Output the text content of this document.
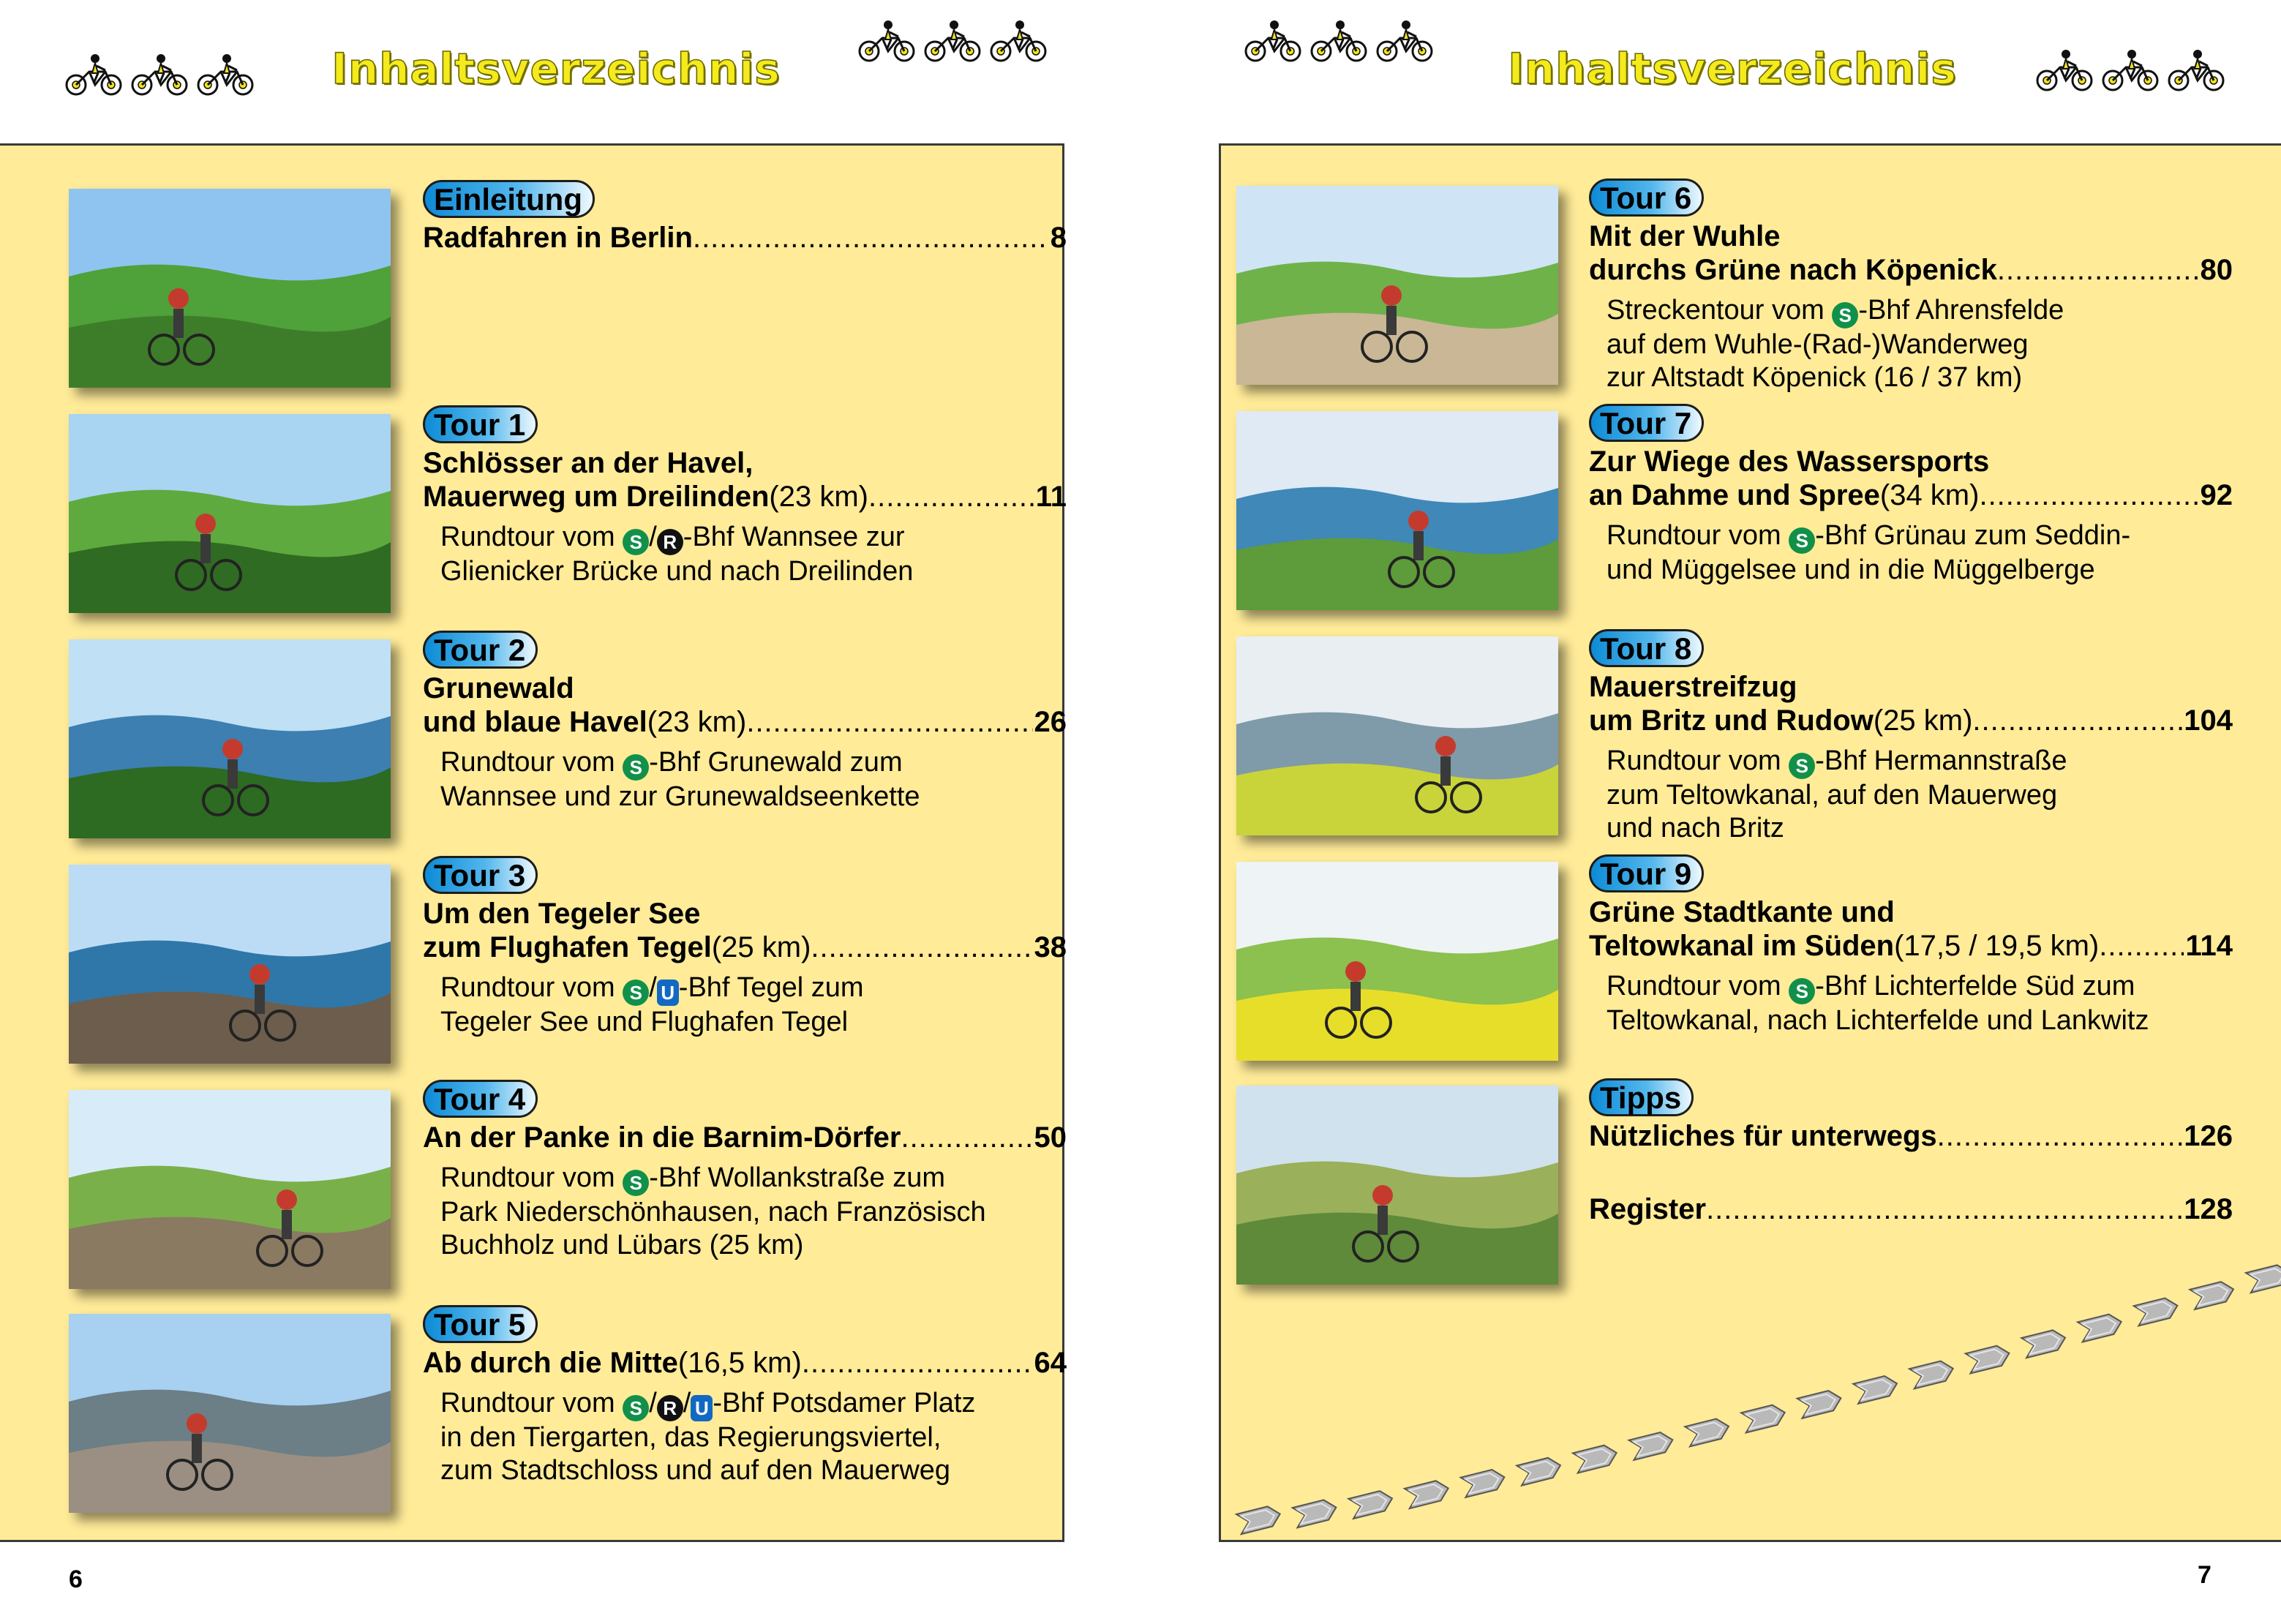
Inhaltsverzeichnis	Inhaltsverzeichnis
Einleitung

Radfahren in Berlin .....	8
Tour 1

Schlösser an der Havel,
Mauerweg um Dreilinden (23 km) .....	11
Rundtour vom S / R -Bhf Wannsee zur
Glienicker Brücke und nach Dreilinden
Tour 2

Grunewald
und blaue Havel (23 km) .....	26
Rundtour vom S -Bhf Grunewald zum
Wannsee und zur Grunewaldseenkette
Tour 3

Um den Tegeler See
zum Flughafen Tegel (25 km) .....	38
Rundtour vom S / U -Bhf Tegel zum
Tegeler See und Flughafen Tegel
Tour 4

An der Panke in die Barnim-Dörfer .....	50
Rundtour vom S -Bhf Wollankstraße zum
Park Niederschönhausen, nach Französisch
Buchholz und Lübars (25 km)
Tour 5

Ab durch die Mitte (16,5 km) .....	64
Rundtour vom S / R / U -Bhf Potsdamer Platz
in den Tiergarten, das Regierungsviertel,
zum Stadtschloss und auf den Mauerweg
Tour 6

Mit der Wuhle
durchs Grüne nach Köpenick .....	80
Streckentour vom S -Bhf Ahrensfelde
auf dem Wuhle-(Rad-)Wanderweg
zur Altstadt Köpenick (16 / 37 km)
Tour 7

Zur Wiege des Wassersports
an Dahme und Spree (34 km) .....	92
Rundtour vom S -Bhf Grünau zum Seddin-
und Müggelsee und in die Müggelberge
Tour 8

Mauerstreifzug
um Britz und Rudow (25 km) .....	104
Rundtour vom S -Bhf Hermannstraße
zum Teltowkanal, auf den Mauerweg
und nach Britz
Tour 9

Grüne Stadtkante und
Teltowkanal im Süden (17,5 / 19,5 km) .....	114
Rundtour vom S -Bhf Lichterfelde Süd zum
Teltowkanal, nach Lichterfelde und Lankwitz
Tipps

Nützliches für unterwegs .....	126
Register .....	128
6	7
